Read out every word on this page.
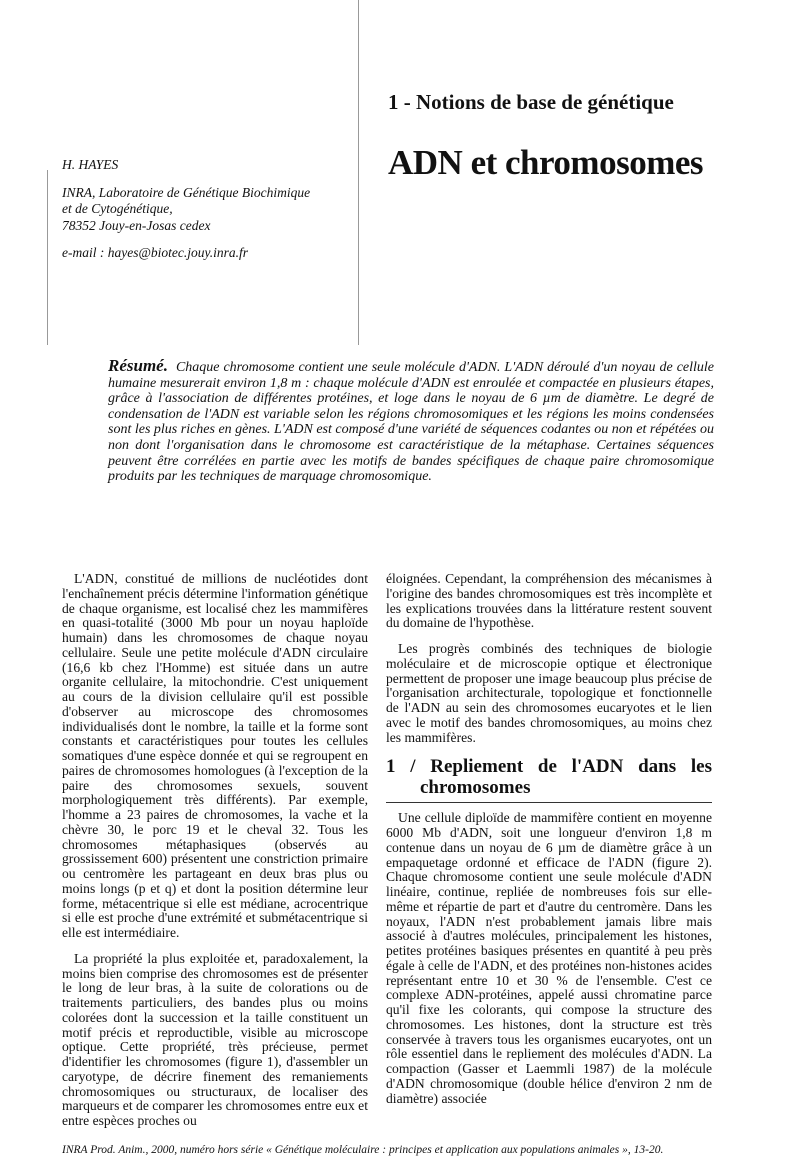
1 - Notions de base de génétique
ADN et chromosomes

H. HAYES

INRA, Laboratoire de Génétique Biochimique
et de Cytogénétique,
78352 Jouy-en-Josas cedex

e-mail : hayes@biotec.jouy.inra.fr

Résumé. Chaque chromosome contient une seule molécule d'ADN. L'ADN déroulé d'un noyau de cellule humaine mesurerait environ 1,8 m : chaque molécule d'ADN est enroulée et compactée en plusieurs étapes, grâce à l'association de différentes protéines, et loge dans le noyau de 6 µm de diamètre. Le degré de condensation de l'ADN est variable selon les régions chromosomiques et les régions les moins condensées sont les plus riches en gènes. L'ADN est composé d'une variété de séquences codantes ou non et répétées ou non dont l'organisation dans le chromosome est caractéristique de la métaphase. Certaines séquences peuvent être corrélées en partie avec les motifs de bandes spécifiques de chaque paire chromosomique produits par les techniques de marquage chromosomique.

L'ADN, constitué de millions de nucléotides dont l'enchaînement précis détermine l'information génétique de chaque organisme, est localisé chez les mammifères en quasi-totalité (3000 Mb pour un noyau haploïde humain) dans les chromosomes de chaque noyau cellulaire. Seule une petite molécule d'ADN circulaire (16,6 kb chez l'Homme) est située dans un autre organite cellulaire, la mitochondrie. C'est uniquement au cours de la division cellulaire qu'il est possible d'observer au microscope des chromosomes individualisés dont le nombre, la taille et la forme sont constants et caractéristiques pour toutes les cellules somatiques d'une espèce donnée et qui se regroupent en paires de chromosomes homologues (à l'exception de la paire des chromosomes sexuels, souvent morphologiquement très différents). Par exemple, l'homme a 23 paires de chromosomes, la vache et la chèvre 30, le porc 19 et le cheval 32. Tous les chromosomes métaphasiques (observés au grossissement 600) présentent une constriction primaire ou centromère les partageant en deux bras plus ou moins longs (p et q) et dont la position détermine leur forme, métacentrique si elle est médiane, acrocentrique si elle est proche d'une extrémité et submétacentrique si elle est intermédiaire.

La propriété la plus exploitée et, paradoxalement, la moins bien comprise des chromosomes est de présenter le long de leur bras, à la suite de colorations ou de traitements particuliers, des bandes plus ou moins colorées dont la succession et la taille constituent un motif précis et reproductible, visible au microscope optique. Cette propriété, très précieuse, permet d'identifier les chromosomes (figure 1), d'assembler un caryotype, de décrire finement des remaniements chromosomiques ou structuraux, de localiser des marqueurs et de comparer les chromosomes entre eux et entre espèces proches ou

éloignées. Cependant, la compréhension des mécanismes à l'origine des bandes chromosomiques est très incomplète et les explications trouvées dans la littérature restent souvent du domaine de l'hypothèse.

Les progrès combinés des techniques de biologie moléculaire et de microscopie optique et électronique permettent de proposer une image beaucoup plus précise de l'organisation architecturale, topologique et fonctionnelle de l'ADN au sein des chromosomes eucaryotes et le lien avec le motif des bandes chromosomiques, au moins chez les mammifères.

1 / Repliement de l'ADN dans les chromosomes

Une cellule diploïde de mammifère contient en moyenne 6000 Mb d'ADN, soit une longueur d'environ 1,8 m contenue dans un noyau de 6 µm de diamètre grâce à un empaquetage ordonné et efficace de l'ADN (figure 2). Chaque chromosome contient une seule molécule d'ADN linéaire, continue, repliée de nombreuses fois sur elle-même et répartie de part et d'autre du centromère. Dans les noyaux, l'ADN n'est probablement jamais libre mais associé à d'autres molécules, principalement les histones, petites protéines basiques présentes en quantité à peu près égale à celle de l'ADN, et des protéines non-histones acides représentant entre 10 et 30 % de l'ensemble. C'est ce complexe ADN-protéines, appelé aussi chromatine parce qu'il fixe les colorants, qui compose la structure des chromosomes. Les histones, dont la structure est très conservée à travers tous les organismes eucaryotes, ont un rôle essentiel dans le repliement des molécules d'ADN. La compaction (Gasser et Laemmli 1987) de la molécule d'ADN chromosomique (double hélice d'environ 2 nm de diamètre) associée

INRA Prod. Anim., 2000, numéro hors série « Génétique moléculaire : principes et application aux populations animales », 13-20.
